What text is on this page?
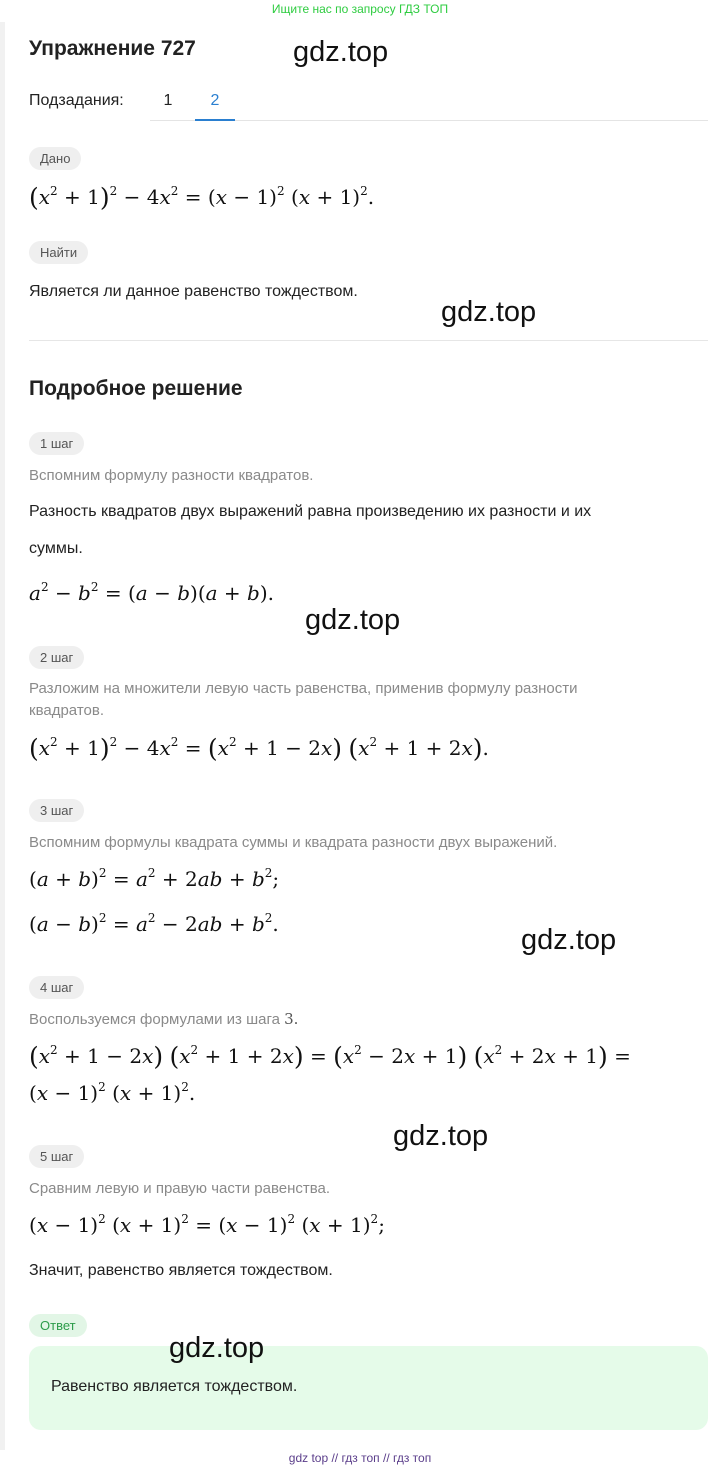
Ищите нас по запросу ГДЗ ТОП
Упражнение 727	gdz.top
Подзадания:	1	2
Дано
$(x^2 + 1)^2 - 4x^2 = (x - 1)^2$ $(x + 1)^2$.
Найти
Является ли данное равенство тождеством.
gdz.top
Подробное решение
1 шаг
Вспомним формулу разности квадратов.
Разность квадратов двух выражений равна произведению их разности и их
суммы.
$a^2 - b^2 = (a - b)(a + b)$.
gdz.top
2 шаг
Разложим на множители левую часть равенства, применив формулу разности
квадратов.
$(x^2 + 1)^2 - 4x^2 = (x^2 + 1 - 2x) (x^2 + 1 + 2x)$.
3 шаг
Вспомним формулы квадрата суммы и квадрата разности двух выражений.
$(a + b)^2 = a^2 + 2ab + b^2$;
$(a - b)^2 = a^2 - 2ab + b^2$.	gdz.top
4 шаг
Воспользуемся формулами из шага 3.
$(x^2 + 1 - 2x) (x^2 + 1 + 2x) = (x^2 - 2x + 1) (x^2 + 2x + 1)$ =
$(x - 1)^2$ $(x + 1)^2$.
gdz.top
5 шаг
Сравним левую и правую части равенства.
$(x - 1)^2$ $(x + 1)^2 = (x - 1)^2$ $(x + 1)^2$;
Значит, равенство является тождеством.
Ответ
Равенство является тождеством.
gdz.top
gdz top // гдз топ // гдз топ
